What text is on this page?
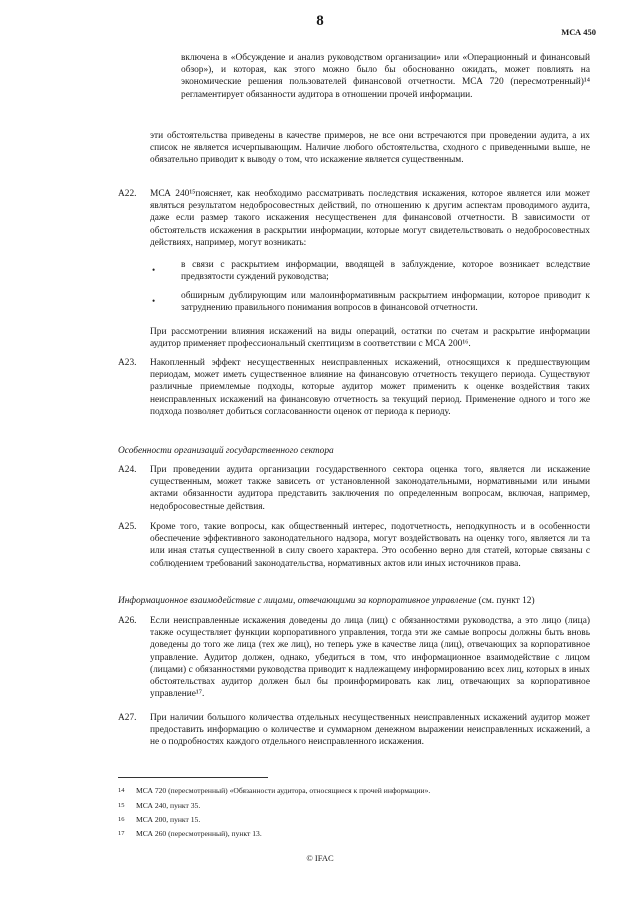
8
МСА 450

включена в «Обсуждение и анализ руководством организации» или «Операционный и финансовый обзор»), и которая, как этого можно было бы обоснованно ожидать, может повлиять на экономические решения пользователей финансовой отчетности. МСА 720 (пересмотренный)¹⁴ регламентирует обязанности аудитора в отношении прочей информации.

эти обстоятельства приведены в качестве примеров, не все они встречаются при проведении аудита, а их список не является исчерпывающим. Наличие любого обстоятельства, сходного с приведенными выше, не обязательно приводит к выводу о том, что искажение является существенным.

A22. МСА 240¹⁵поясняет, как необходимо рассматривать последствия искажения, которое является или может являться результатом недобросовестных действий, по отношению к другим аспектам проводимого аудита, даже если размер такого искажения несущественен для финансовой отчетности. В зависимости от обстоятельств искажения в раскрытии информации, которые могут свидетельствовать о недобросовестных действиях, например, могут возникать:

•	в связи с раскрытием информации, вводящей в заблуждение, которое возникает вследствие предвзятости суждений руководства;

•	обширным дублирующим или малоинформативным раскрытием информации, которое приводит к затруднению правильного понимания вопросов в финансовой отчетности.

При рассмотрении влияния искажений на виды операций, остатки по счетам и раскрытие информации аудитор применяет профессиональный скептицизм в соответствии с МСА 200¹⁶.

A23. Накопленный эффект несущественных неисправленных искажений, относящихся к предшествующим периодам, может иметь существенное влияние на финансовую отчетность текущего периода. Существуют различные приемлемые подходы, которые аудитор может применить к оценке воздействия таких неисправленных искажений на финансовую отчетность за текущий период. Применение одного и того же подхода позволяет добиться согласованности оценок от периода к периоду.

Особенности организаций государственного сектора
A24. При проведении аудита организации государственного сектора оценка того, является ли искажение существенным, может также зависеть от установленной законодательными, нормативными или иными актами обязанности аудитора представить заключения по определенным вопросам, включая, например, недобросовестные действия.

A25. Кроме того, такие вопросы, как общественный интерес, подотчетность, неподкупность и в особенности обеспечение эффективного законодательного надзора, могут воздействовать на оценку того, является ли та или иная статья существенной в силу своего характера. Это особенно верно для статей, которые связаны с соблюдением требований законодательства, нормативных актов или иных источников права.

Информационное взаимодействие с лицами, отвечающими за корпоративное управление (см. пункт 12)
A26. Если неисправленные искажения доведены до лица (лиц) с обязанностями руководства, а это лицо (лица) также осуществляет функции корпоративного управления, тогда эти же самые вопросы должны быть вновь доведены до того же лица (тех же лиц), но теперь уже в качестве лица (лиц), отвечающих за корпоративное управление. Аудитор должен, однако, убедиться в том, что информационное взаимодействие с лицом (лицами) с обязанностями руководства приводит к надлежащему информированию всех лиц, которых в иных обстоятельствах аудитор должен был бы проинформировать как лиц, отвечающих за корпоративное управление¹⁷.

A27. При наличии большого количества отдельных несущественных неисправленных искажений аудитор может предоставить информацию о количестве и суммарном денежном выражении неисправленных искажений, а не о подробностях каждого отдельного неисправленного искажения.

14 МСА 720 (пересмотренный) «Обязанности аудитора, относящиеся к прочей информации».
15 МСА 240, пункт 35.
16 МСА 200, пункт 15.
17 МСА 260 (пересмотренный), пункт 13.
© IFAC
